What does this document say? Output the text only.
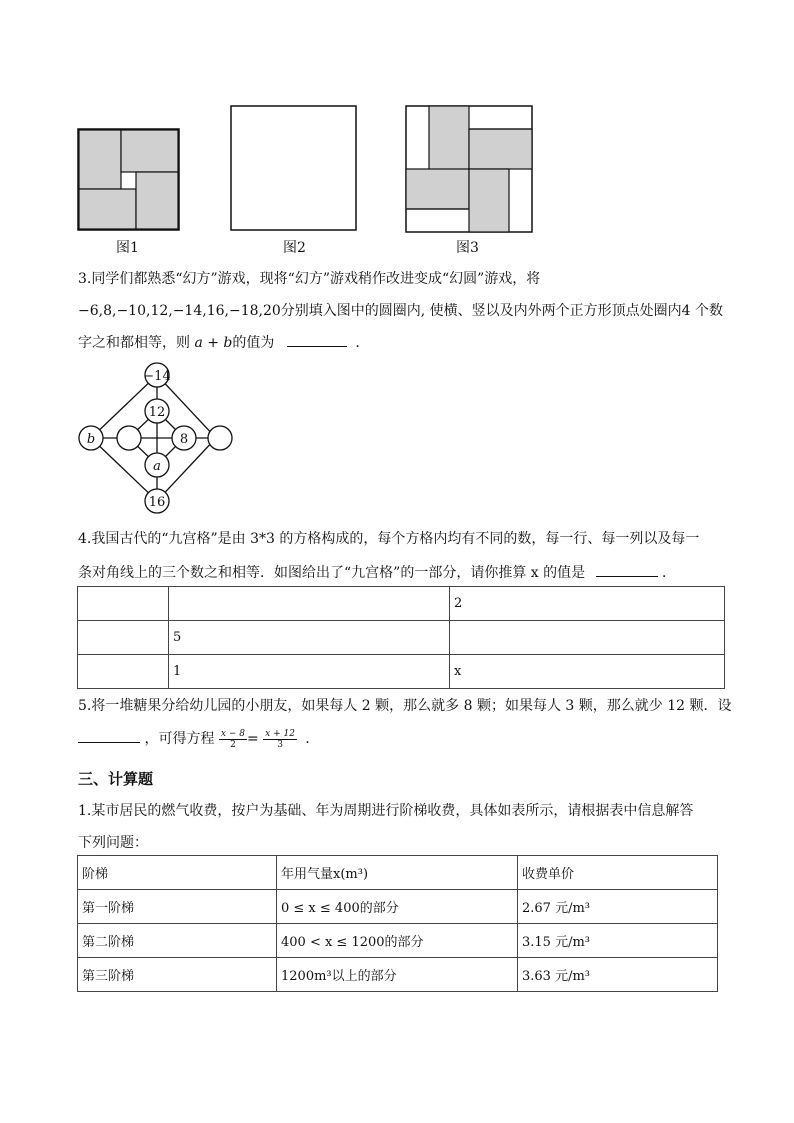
图1	图2	图3
3.同学们都熟悉“幻方”游戏，现将“幻方”游戏稍作改进变成“幻圆”游戏，将
−6,8,−10,12,−14,16,−18,20分别填入图中的圆圈内, 使横、竖以及内外两个正方形顶点处圈内4 个数
字之和都相等，则 a + b的值为	.
−14
12
b	8
a
16
4.我国古代的“九宫格”是由 3*3 的方格构成的，每个方格内均有不同的数，每一行、每一列以及每一
条对角线上的三个数之和相等．如图给出了“九宫格”的一部分，请你推算 x 的值是	．
		2
	5	
	1	x
5.将一堆糖果分给幼儿园的小朋友，如果每人 2 颗，那么就多 8 颗；如果每人 3 颗，那么就少 12 颗．设
，可得方程 $\frac{x - 8}{2} = \frac{x + 12}{3}$ ．
三、计算题
1.某市居民的燃气收费，按户为基础、年为周期进行阶梯收费，具体如表所示，请根据表中信息解答
下列问题：
阶梯	年用气量x(m³)	收费单价
第一阶梯	0 ≤ x ≤ 400的部分	2.67 元/m³
第二阶梯	400 < x ≤ 1200的部分	3.15 元/m³
第三阶梯	1200m³以上的部分	3.63 元/m³
